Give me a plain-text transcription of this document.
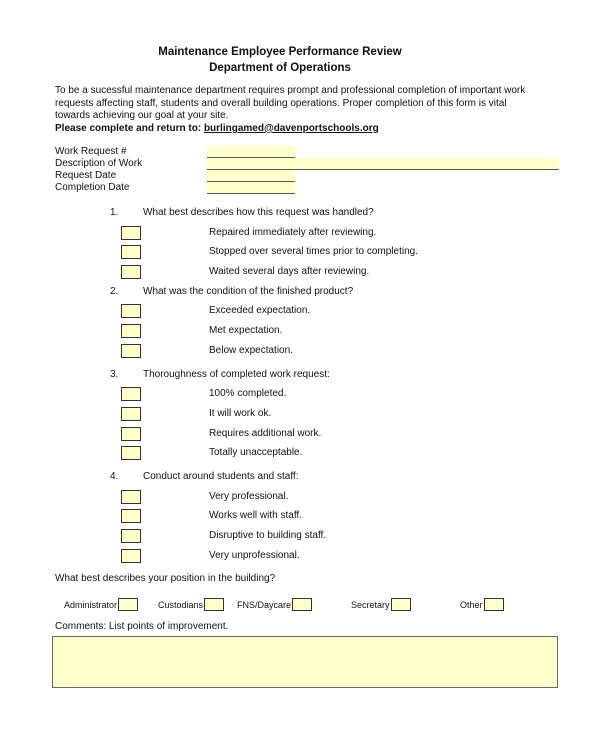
Maintenance Employee Performance Review
Department of Operations
To be a sucessful maintenance department requires prompt and professional completion of important work requests affecting staff, students and overall building operations. Proper completion of this form is vital towards achieving our goal at your site.
Please complete and return to: burlingamed@davenportschools.org
Work Request #
Description of Work
Request Date
Completion Date
1. What best describes how this request was handled?
Repaired immediately after reviewing.
Stopped over several times prior to completing.
Waited several days after reviewing.
2. What was the condition of the finished product?
Exceeded expectation.
Met expectation.
Below expectation.
3. Thoroughness of completed work request:
100% completed.
It will work ok.
Requires additional work.
Totally unacceptable.
4. Conduct around students and staff:
Very professional.
Works well with staff.
Disruptive to building staff.
Very unprofessional.
What best describes your position in the building?
Administrator	Custodians	FNS/Daycare	Secretary	Other
Comments: List points of improvement.
